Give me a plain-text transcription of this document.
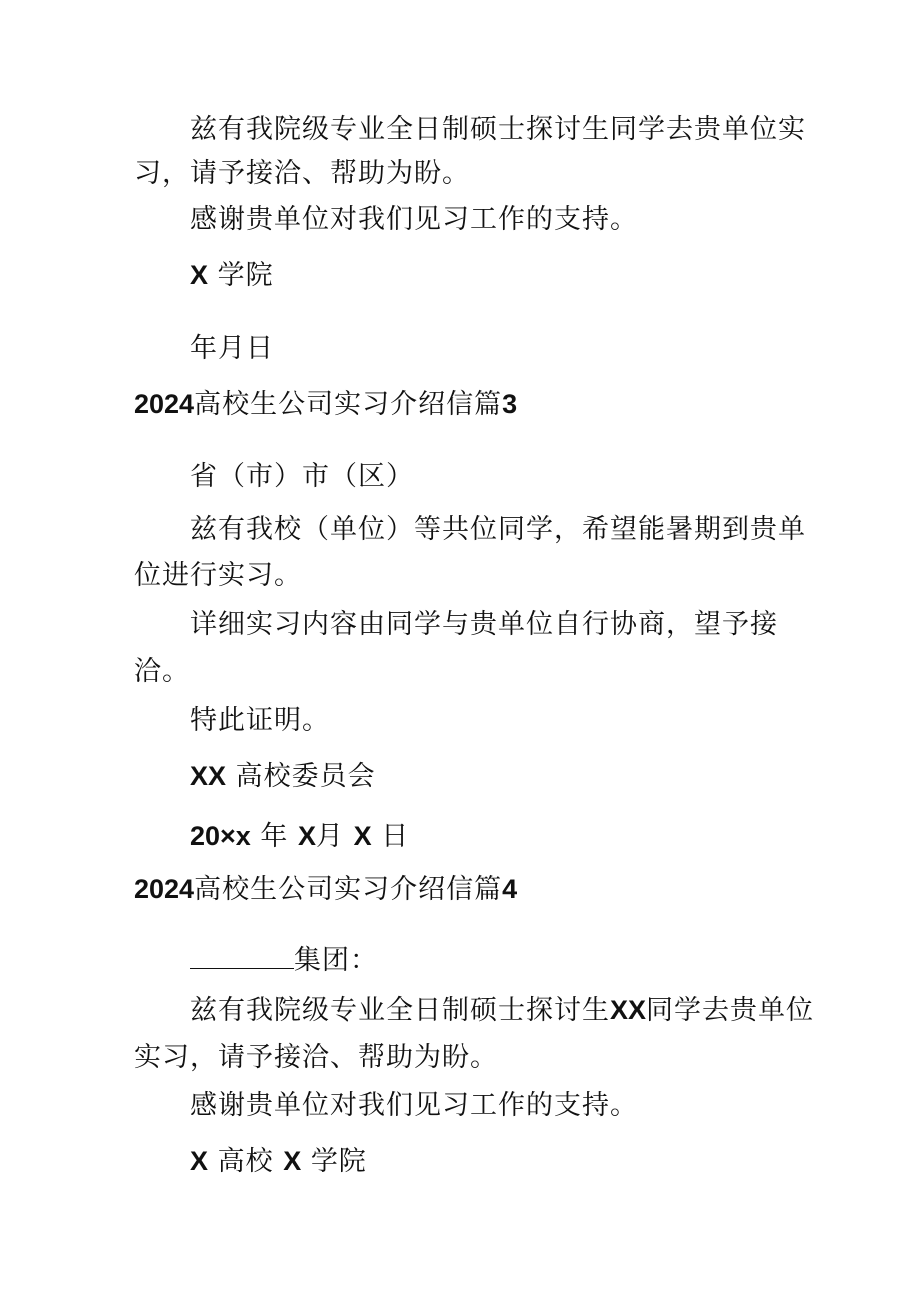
兹有我院级专业全日制硕士探讨生同学去贵单位实
习，请予接洽、帮助为盼。
感谢贵单位对我们见习工作的支持。
X 学院
年月日
2024高校生公司实习介绍信篇3
省（市）市（区）
兹有我校（单位）等共位同学，希望能暑期到贵单
位进行实习。
详细实习内容由同学与贵单位自行协商，望予接
洽。
特此证明。
XX 高校委员会
20×x 年 X月 X 日
2024高校生公司实习介绍信篇4
集团：
兹有我院级专业全日制硕士探讨生XX同学去贵单位
实习，请予接洽、帮助为盼。
感谢贵单位对我们见习工作的支持。
X 高校 X 学院
